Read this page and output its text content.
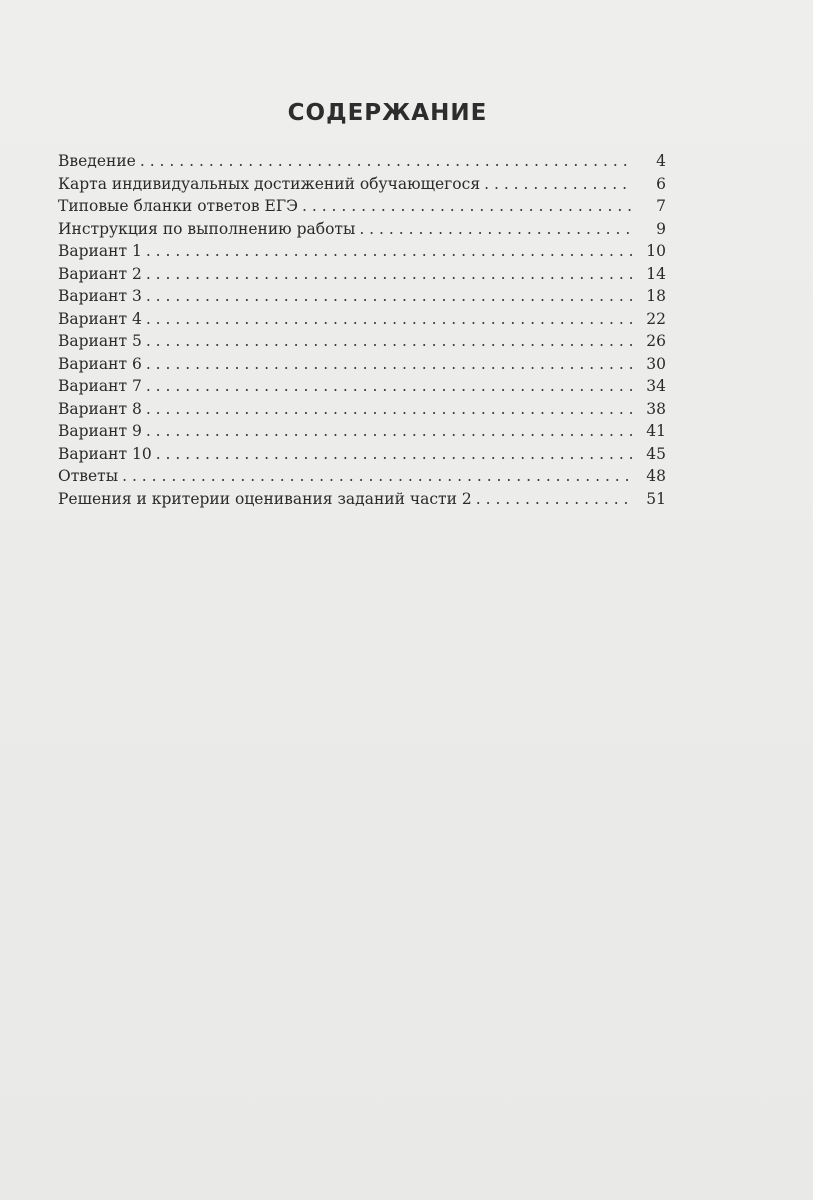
СОДЕРЖАНИЕ
Введение . . .	4
Карта индивидуальных достижений обучающегося . . .	6
Типовые бланки ответов ЕГЭ . . .	7
Инструкция по выполнению работы . . .	9
Вариант 1 . . .	10
Вариант 2 . . .	14
Вариант 3 . . .	18
Вариант 4 . . .	22
Вариант 5 . . .	26
Вариант 6 . . .	30
Вариант 7 . . .	34
Вариант 8 . . .	38
Вариант 9 . . .	41
Вариант 10 . . .	45
Ответы . . .	48
Решения и критерии оценивания заданий части 2 . . .	51
